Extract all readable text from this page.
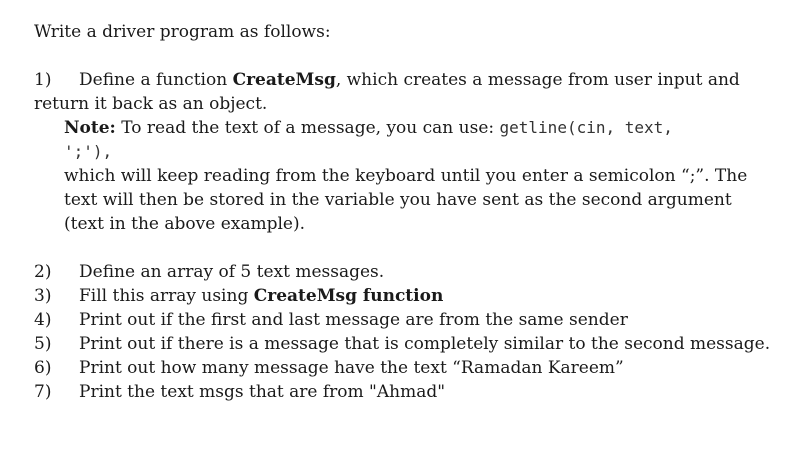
Write a driver program as follows:

1) Define a function CreateMsg, which creates a message from user input and

return it back as an object.

Note: To read the text of a message, you can use: getline(cin, text,

';'),

which will keep reading from the keyboard until you enter a semicolon “;”. The

text will then be stored in the variable you have sent as the second argument

(text in the above example).

2) Define an array of 5 text messages.

3) Fill this array using CreateMsg function

4) Print out if the first and last message are from the same sender

5) Print out if there is a message that is completely similar to the second message.

6) Print out how many message have the text “Ramadan Kareem”

7) Print the text msgs that are from "Ahmad"
